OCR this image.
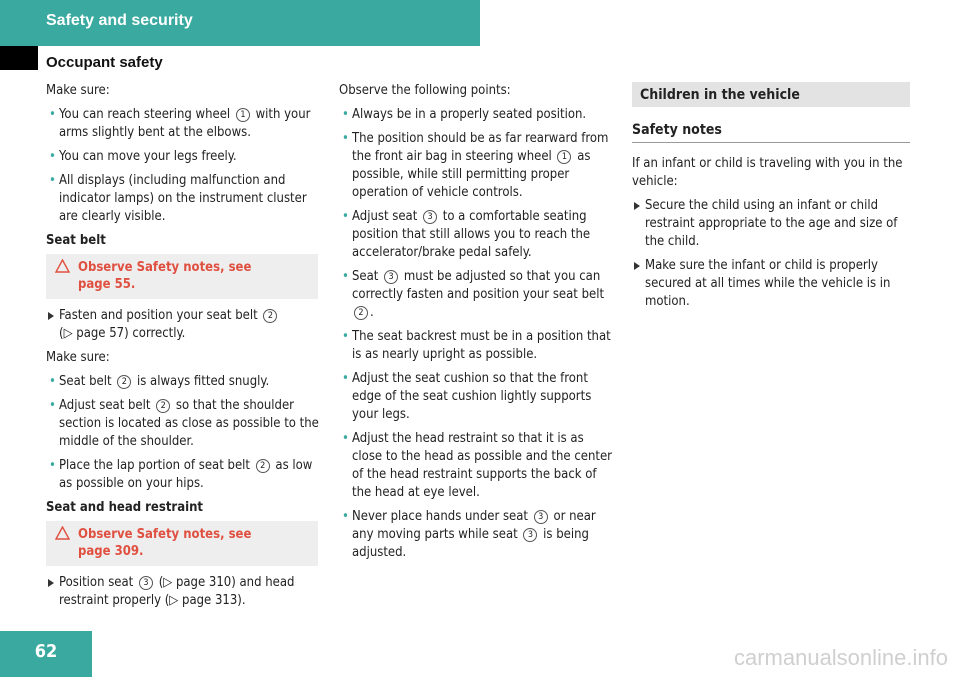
Safety and security
Occupant safety

Make sure:

• You can reach steering wheel 1 with your arms slightly bent at the elbows.
• You can move your legs freely.
• All displays (including malfunction and indicator lamps) on the instrument cluster are clearly visible.

Seat belt

Observe Safety notes, see
page 55.
Fasten and position your seat belt 2
(▷ page 57) correctly.

Make sure:

• Seat belt 2 is always fitted snugly.
• Adjust seat belt 2 so that the shoulder section is located as close as possible to the middle of the shoulder.
• Place the lap portion of seat belt 2 as low as possible on your hips.

Seat and head restraint

Observe Safety notes, see
page 309.
Position seat 3 (▷ page 310) and head restraint properly (▷ page 313).

Observe the following points:

• Always be in a properly seated position.
• The position should be as far rearward from the front air bag in steering wheel 1 as possible, while still permitting proper operation of vehicle controls.
• Adjust seat 3 to a comfortable seating position that still allows you to reach the accelerator/brake pedal safely.
• Seat 3 must be adjusted so that you can correctly fasten and position your seat belt 2 .
• The seat backrest must be in a position that is as nearly upright as possible.
• Adjust the seat cushion so that the front edge of the seat cushion lightly supports your legs.
• Adjust the head restraint so that it is as close to the head as possible and the center of the head restraint supports the back of the head at eye level.
• Never place hands under seat 3 or near any moving parts while seat 3 is being adjusted.
Children in the vehicle
Safety notes

If an infant or child is traveling with you in the vehicle:

Secure the child using an infant or child restraint appropriate to the age and size of the child.
Make sure the infant or child is properly secured at all times while the vehicle is in motion.
62	carmanualsonline.info
